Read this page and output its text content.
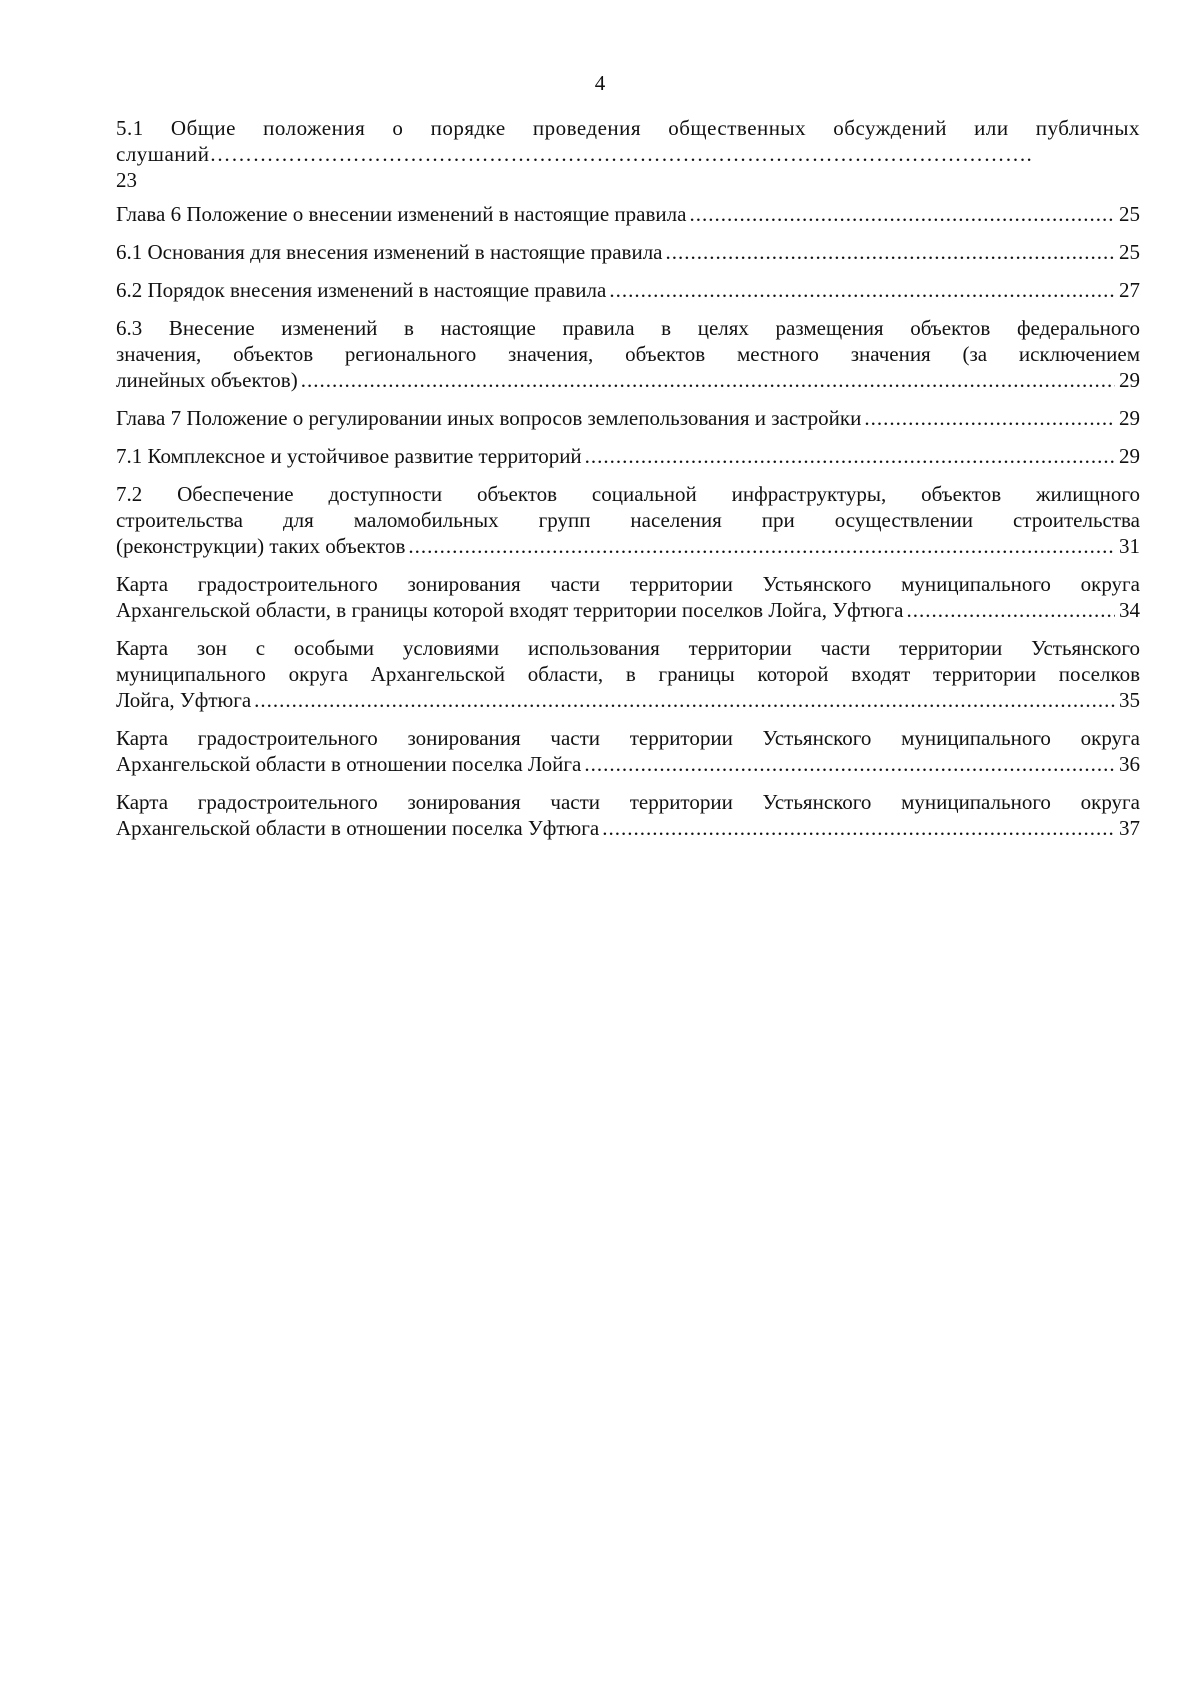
4
5.1 Общие положения о порядке проведения общественных обсуждений или публичных
слушаний…………………………………………………………………………………………………….
23
Глава 6 Положение о внесении изменений в настоящие правила .....	25
6.1 Основания для внесения изменений в настоящие правила .....	25
6.2 Порядок внесения изменений в настоящие правила .....	27
6.3 Внесение изменений в настоящие правила в целях размещения объектов федерального
значения, объектов регионального значения, объектов местного значения (за исключением
линейных объектов) .....	29
Глава 7 Положение о регулировании иных вопросов землепользования и застройки .....	29
7.1 Комплексное и устойчивое развитие территорий .....	29
7.2 Обеспечение доступности объектов социальной инфраструктуры, объектов жилищного
строительства для маломобильных групп населения при осуществлении строительства
(реконструкции) таких объектов .....	31
Карта градостроительного зонирования части территории Устьянского муниципального округа
Архангельской области, в границы которой входят территории поселков Лойга, Уфтюга .....	34
Карта зон с особыми условиями использования территории части территории Устьянского
муниципального округа Архангельской области, в границы которой входят территории поселков
Лойга, Уфтюга .....	35
Карта градостроительного зонирования части территории Устьянского муниципального округа
Архангельской области в отношении поселка Лойга .....	36
Карта градостроительного зонирования части территории Устьянского муниципального округа
Архангельской области в отношении поселка Уфтюга .....	37
